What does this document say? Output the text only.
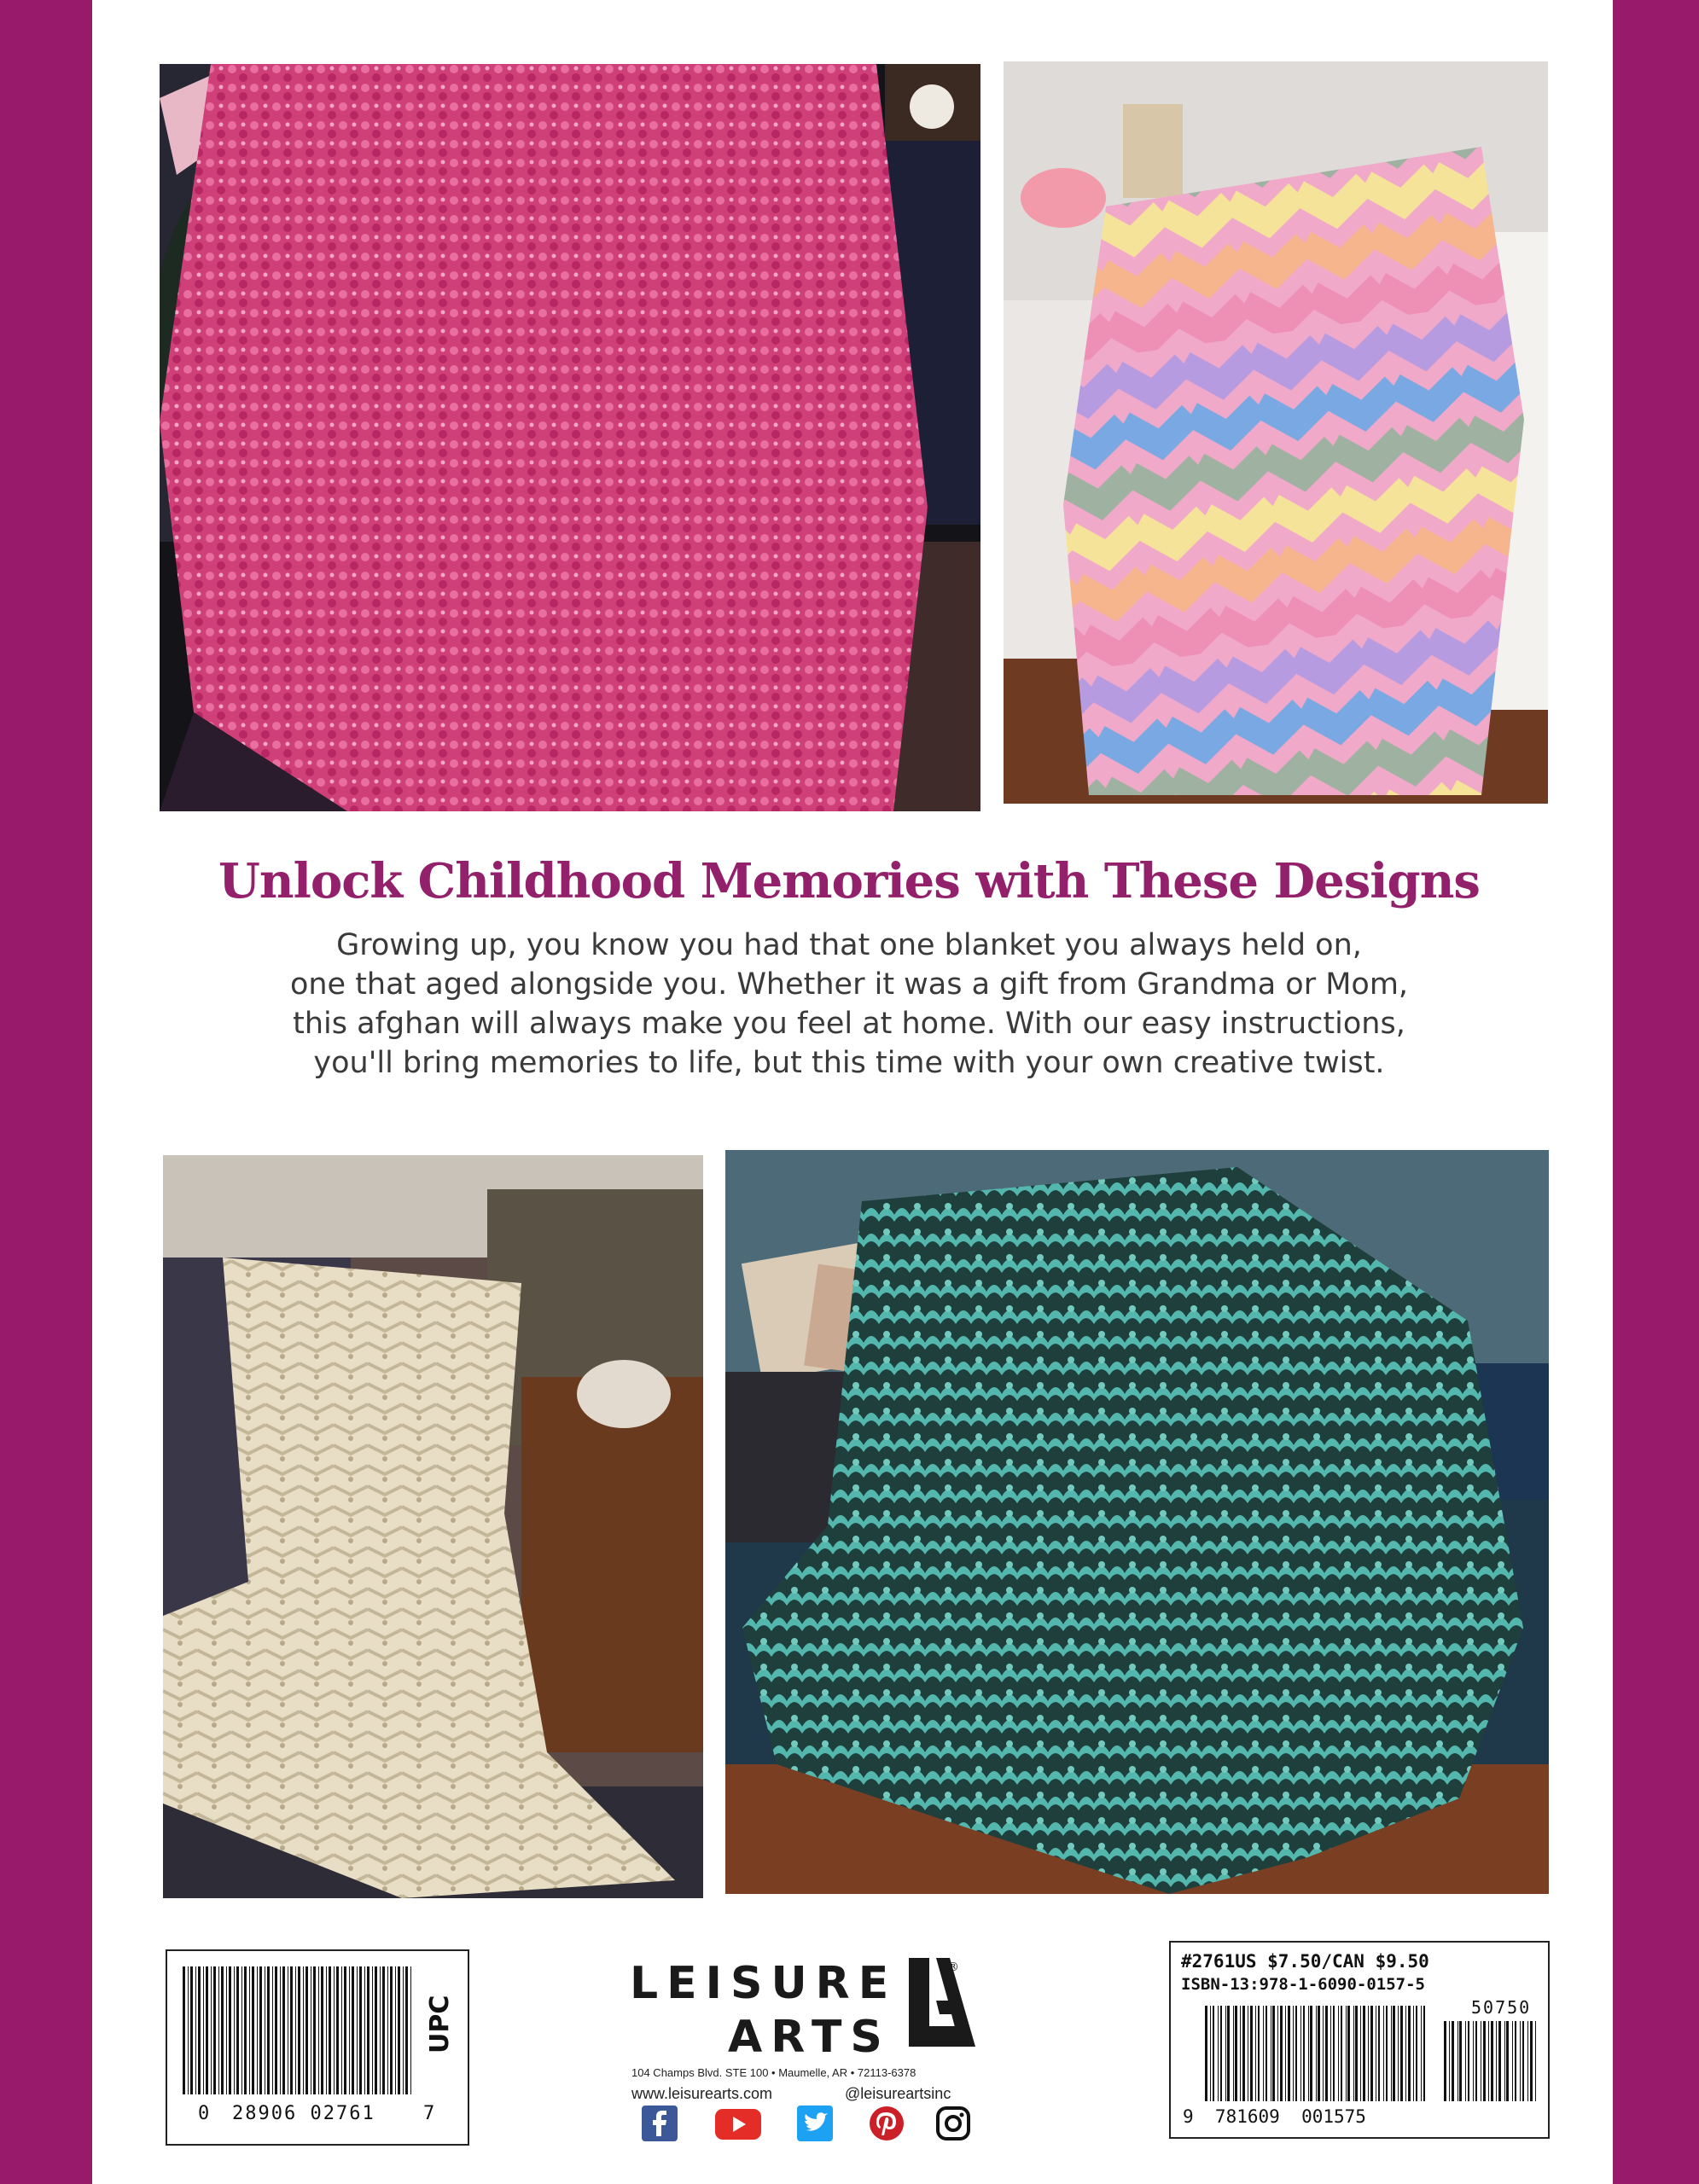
Unlock Childhood Memories with These Designs
Growing up, you know you had that one blanket you always held on,
one that aged alongside you. Whether it was a gift from Grandma or Mom,
this afghan will always make you feel at home. With our easy instructions,
you'll bring memories to life, but this time with your own creative twist.
UPC
0 28906 02761	7
LEISURE
ARTS
®
104 Champs Blvd. STE 100 • Maumelle, AR • 72113-6378
www.leisurearts.com	@leisureartsinc
#2761US $7.50/CAN $9.50
ISBN-13:978-1-6090-0157-5
50750
9  781609  001575
